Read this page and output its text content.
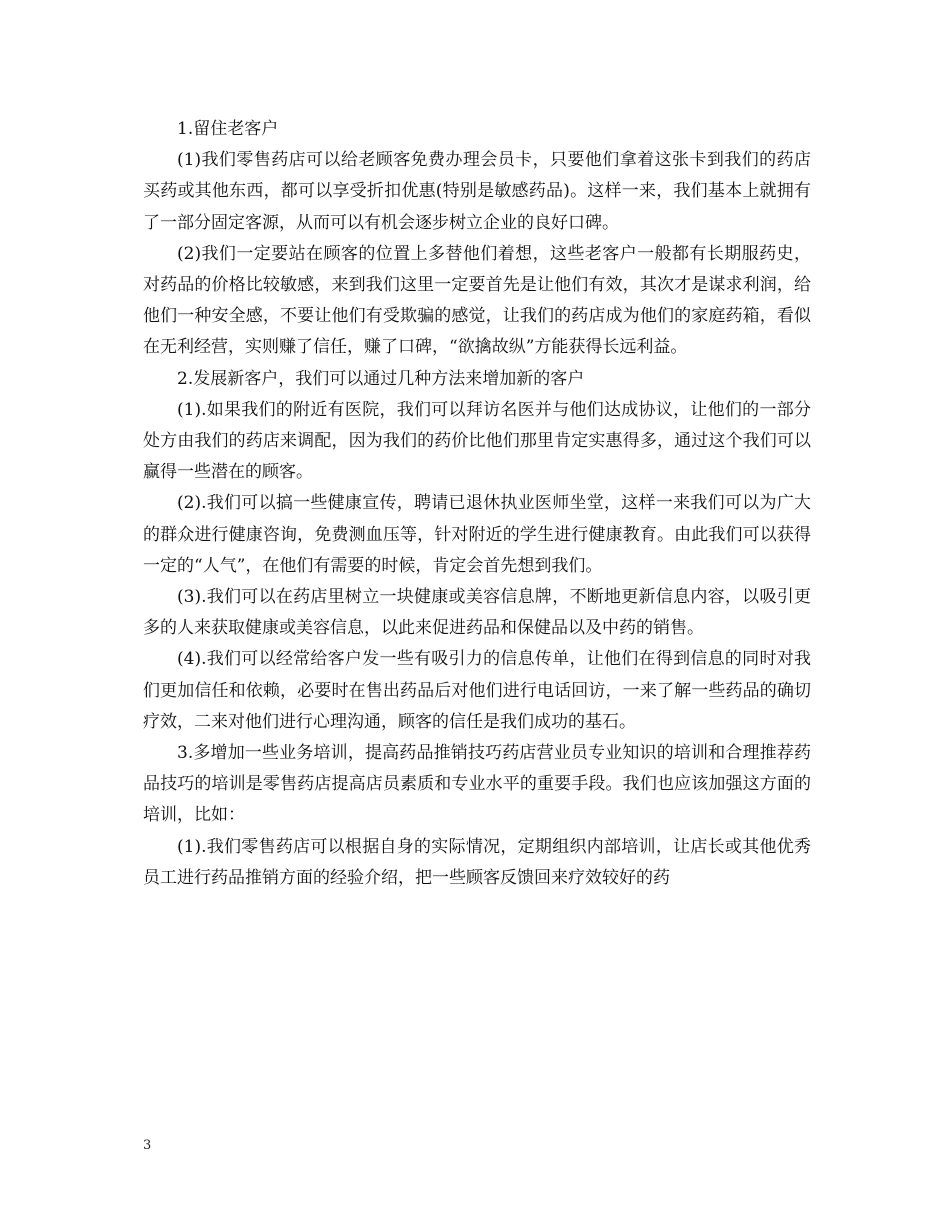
1.留住老客户

(1)我们零售药店可以给老顾客免费办理会员卡，只要他们拿着这张卡到我们的药店买药或其他东西，都可以享受折扣优惠(特别是敏感药品)。这样一来，我们基本上就拥有了一部分固定客源，从而可以有机会逐步树立企业的良好口碑。

(2)我们一定要站在顾客的位置上多替他们着想，这些老客户一般都有长期服药史，对药品的价格比较敏感，来到我们这里一定要首先是让他们有效，其次才是谋求利润，给他们一种安全感，不要让他们有受欺骗的感觉，让我们的药店成为他们的家庭药箱，看似在无利经营，实则赚了信任，赚了口碑，“欲擒故纵”方能获得长远利益。

2.发展新客户，我们可以通过几种方法来增加新的客户

(1).如果我们的附近有医院，我们可以拜访名医并与他们达成协议，让他们的一部分处方由我们的药店来调配，因为我们的药价比他们那里肯定实惠得多，通过这个我们可以赢得一些潜在的顾客。

(2).我们可以搞一些健康宣传，聘请已退休执业医师坐堂，这样一来我们可以为广大的群众进行健康咨询，免费测血压等，针对附近的学生进行健康教育。由此我们可以获得一定的“人气”，在他们有需要的时候，肯定会首先想到我们。

(3).我们可以在药店里树立一块健康或美容信息牌，不断地更新信息内容，以吸引更多的人来获取健康或美容信息，以此来促进药品和保健品以及中药的销售。

(4).我们可以经常给客户发一些有吸引力的信息传单，让他们在得到信息的同时对我们更加信任和依赖，必要时在售出药品后对他们进行电话回访，一来了解一些药品的确切疗效，二来对他们进行心理沟通，顾客的信任是我们成功的基石。

3.多增加一些业务培训，提高药品推销技巧药店营业员专业知识的培训和合理推荐药品技巧的培训是零售药店提高店员素质和专业水平的重要手段。我们也应该加强这方面的培训，比如：

(1).我们零售药店可以根据自身的实际情况，定期组织内部培训，让店长或其他优秀员工进行药品推销方面的经验介绍，把一些顾客反馈回来疗效较好的药

3
